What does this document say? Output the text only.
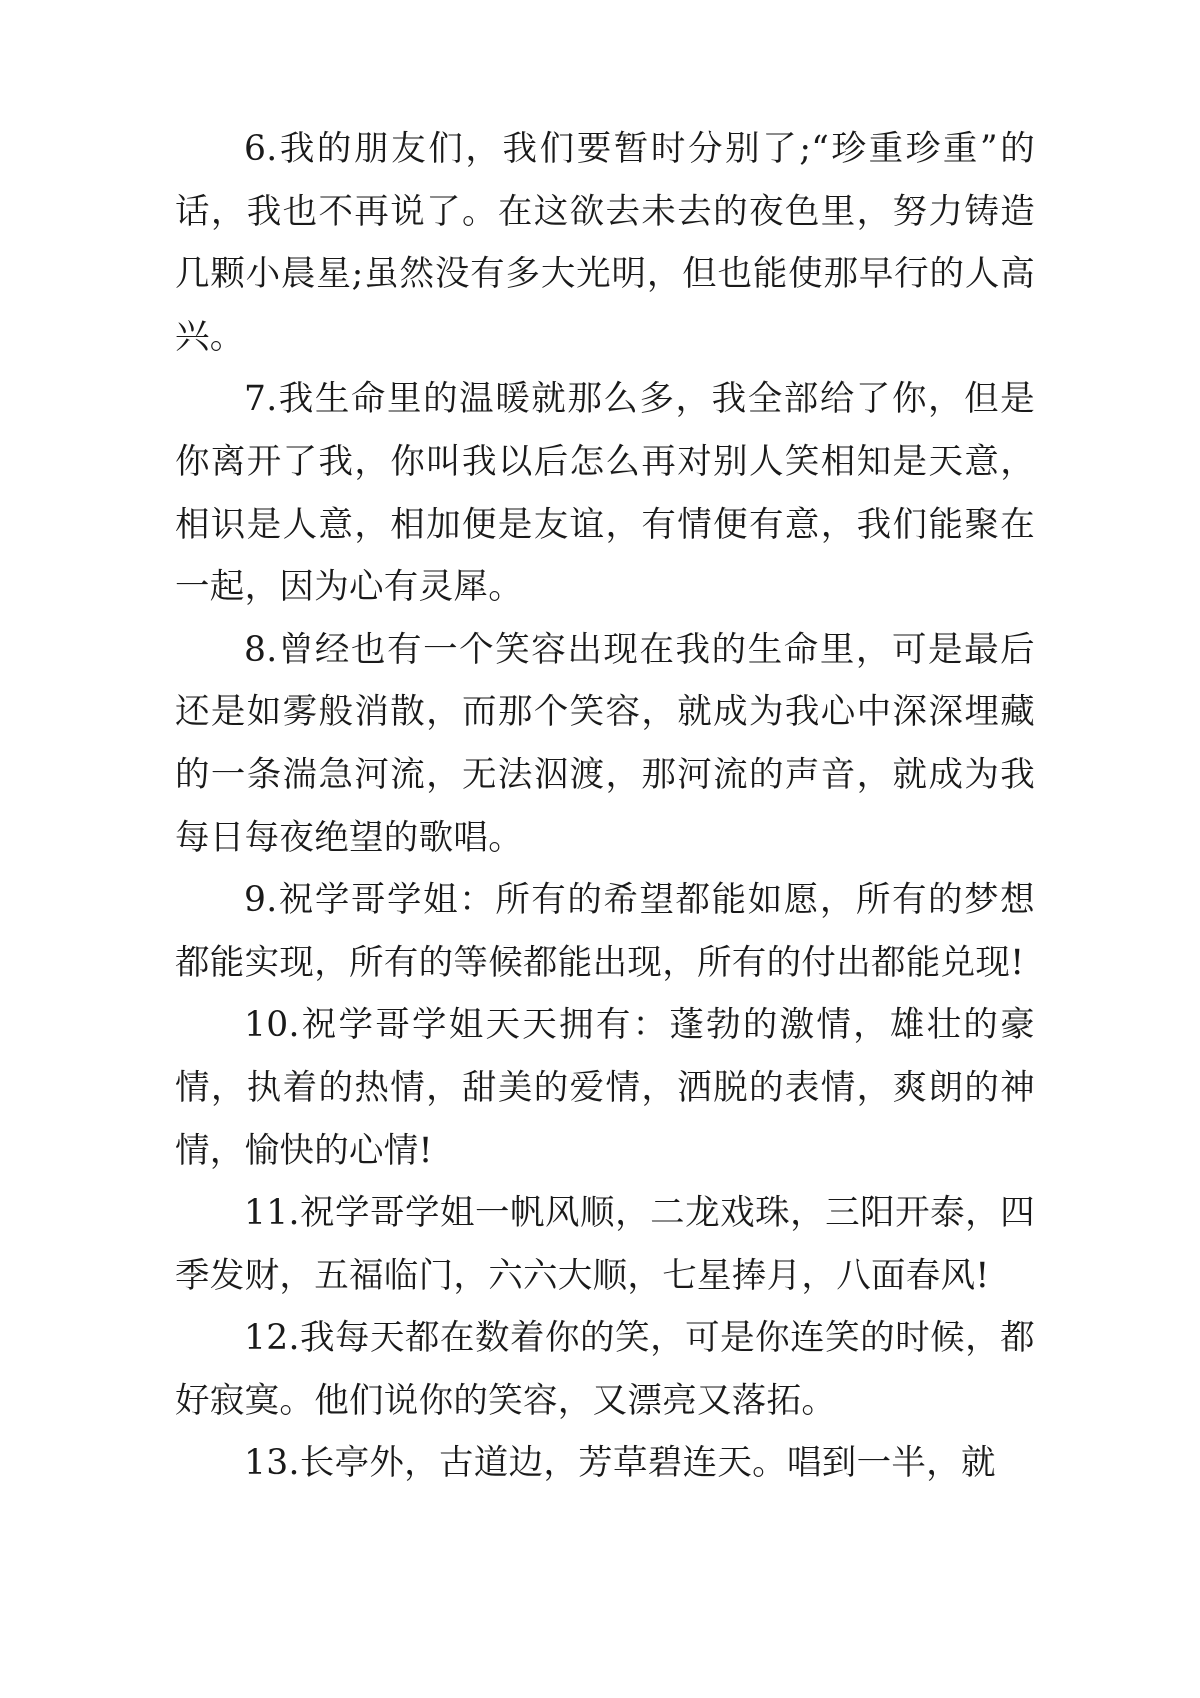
6.我的朋友们，我们要暂时分别了;“珍重珍重”的话，我也不再说了。在这欲去未去的夜色里，努力铸造几颗小晨星;虽然没有多大光明，但也能使那早行的人高兴。

7.我生命里的温暖就那么多，我全部给了你，但是你离开了我，你叫我以后怎么再对别人笑相知是天意，相识是人意，相加便是友谊，有情便有意，我们能聚在一起，因为心有灵犀。

8.曾经也有一个笑容出现在我的生命里，可是最后还是如雾般消散，而那个笑容，就成为我心中深深埋藏的一条湍急河流，无法泅渡，那河流的声音，就成为我每日每夜绝望的歌唱。

9.祝学哥学姐：所有的希望都能如愿，所有的梦想都能实现，所有的等候都能出现，所有的付出都能兑现!

10.祝学哥学姐天天拥有：蓬勃的激情，雄壮的豪情，执着的热情，甜美的爱情，洒脱的表情，爽朗的神情，愉快的心情!

11.祝学哥学姐一帆风顺，二龙戏珠，三阳开泰，四季发财，五福临门，六六大顺，七星捧月，八面春风!

12.我每天都在数着你的笑，可是你连笑的时候，都好寂寞。他们说你的笑容，又漂亮又落拓。

13.长亭外，古道边，芳草碧连天。唱到一半，就
